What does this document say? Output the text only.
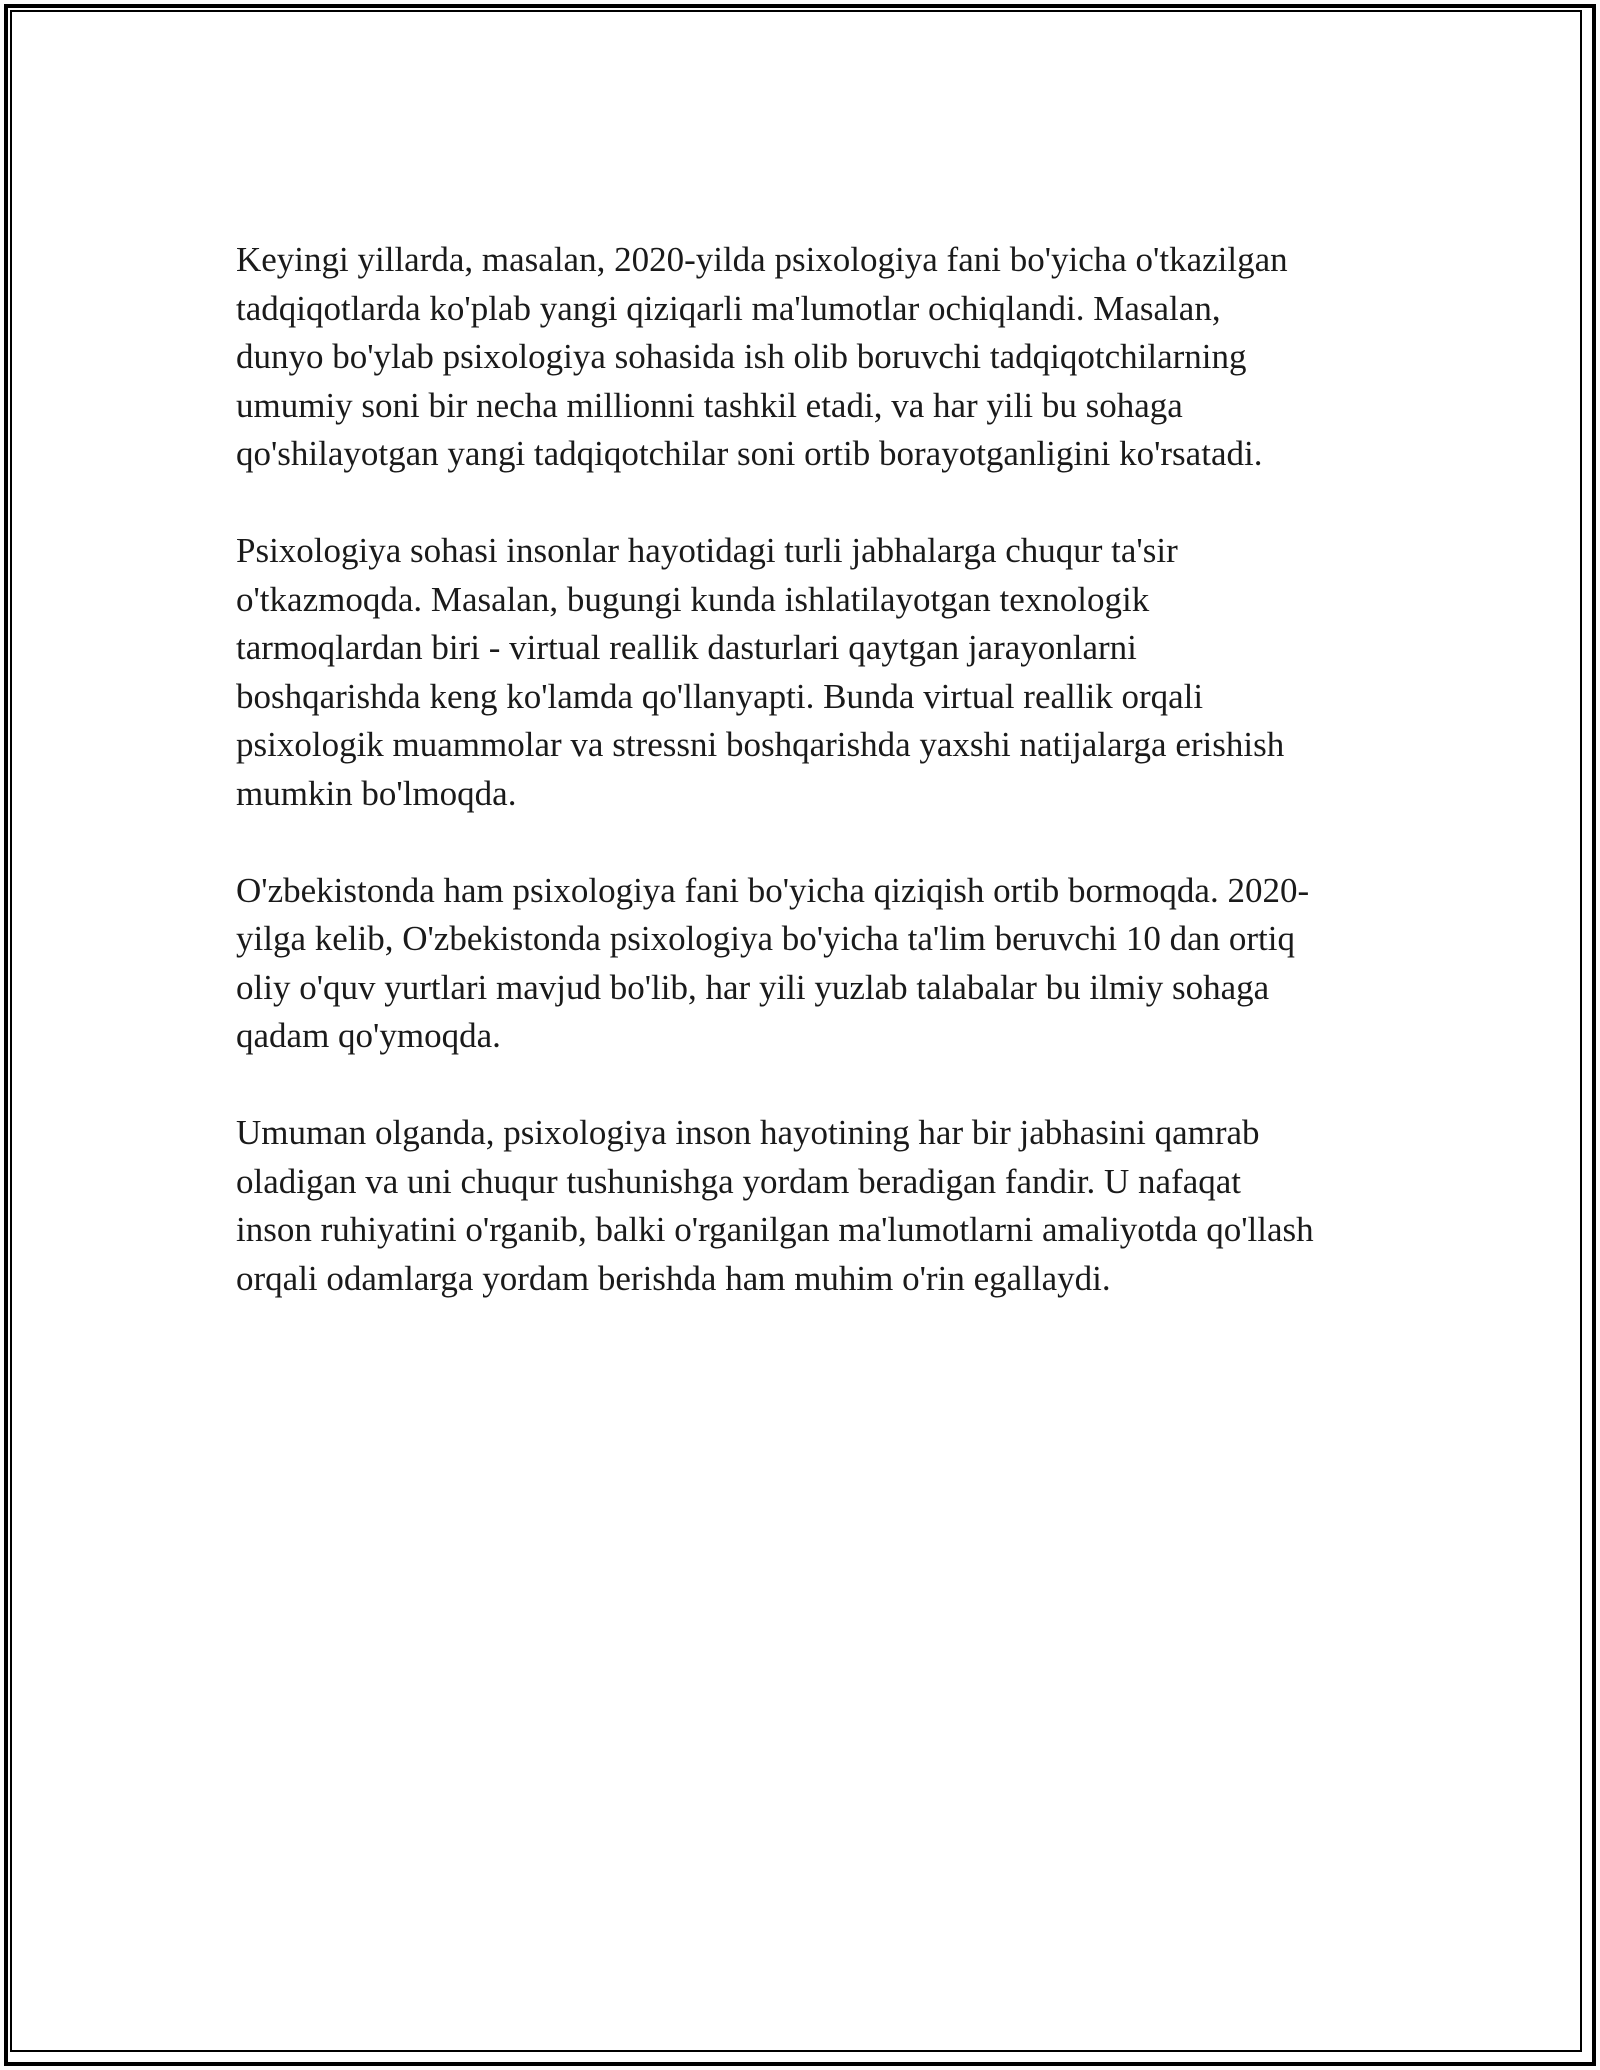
Keyingi yillarda, masalan, 2020-yilda psixologiya fani bo'yicha o'tkazilgan
tadqiqotlarda ko'plab yangi qiziqarli ma'lumotlar ochiqlandi. Masalan,
dunyo bo'ylab psixologiya sohasida ish olib boruvchi tadqiqotchilarning
umumiy soni bir necha millionni tashkil etadi, va har yili bu sohaga
qo'shilayotgan yangi tadqiqotchilar soni ortib borayotganligini ko'rsatadi.

Psixologiya sohasi insonlar hayotidagi turli jabhalarga chuqur ta'sir
o'tkazmoqda. Masalan, bugungi kunda ishlatilayotgan texnologik
tarmoqlardan biri - virtual reallik dasturlari qaytgan jarayonlarni
boshqarishda keng ko'lamda qo'llanyapti. Bunda virtual reallik orqali
psixologik muammolar va stressni boshqarishda yaxshi natijalarga erishish
mumkin bo'lmoqda.

O'zbekistonda ham psixologiya fani bo'yicha qiziqish ortib bormoqda. 2020-
yilga kelib, O'zbekistonda psixologiya bo'yicha ta'lim beruvchi 10 dan ortiq
oliy o'quv yurtlari mavjud bo'lib, har yili yuzlab talabalar bu ilmiy sohaga
qadam qo'ymoqda.

Umuman olganda, psixologiya inson hayotining har bir jabhasini qamrab
oladigan va uni chuqur tushunishga yordam beradigan fandir. U nafaqat
inson ruhiyatini o'rganib, balki o'rganilgan ma'lumotlarni amaliyotda qo'llash
orqali odamlarga yordam berishda ham muhim o'rin egallaydi.
